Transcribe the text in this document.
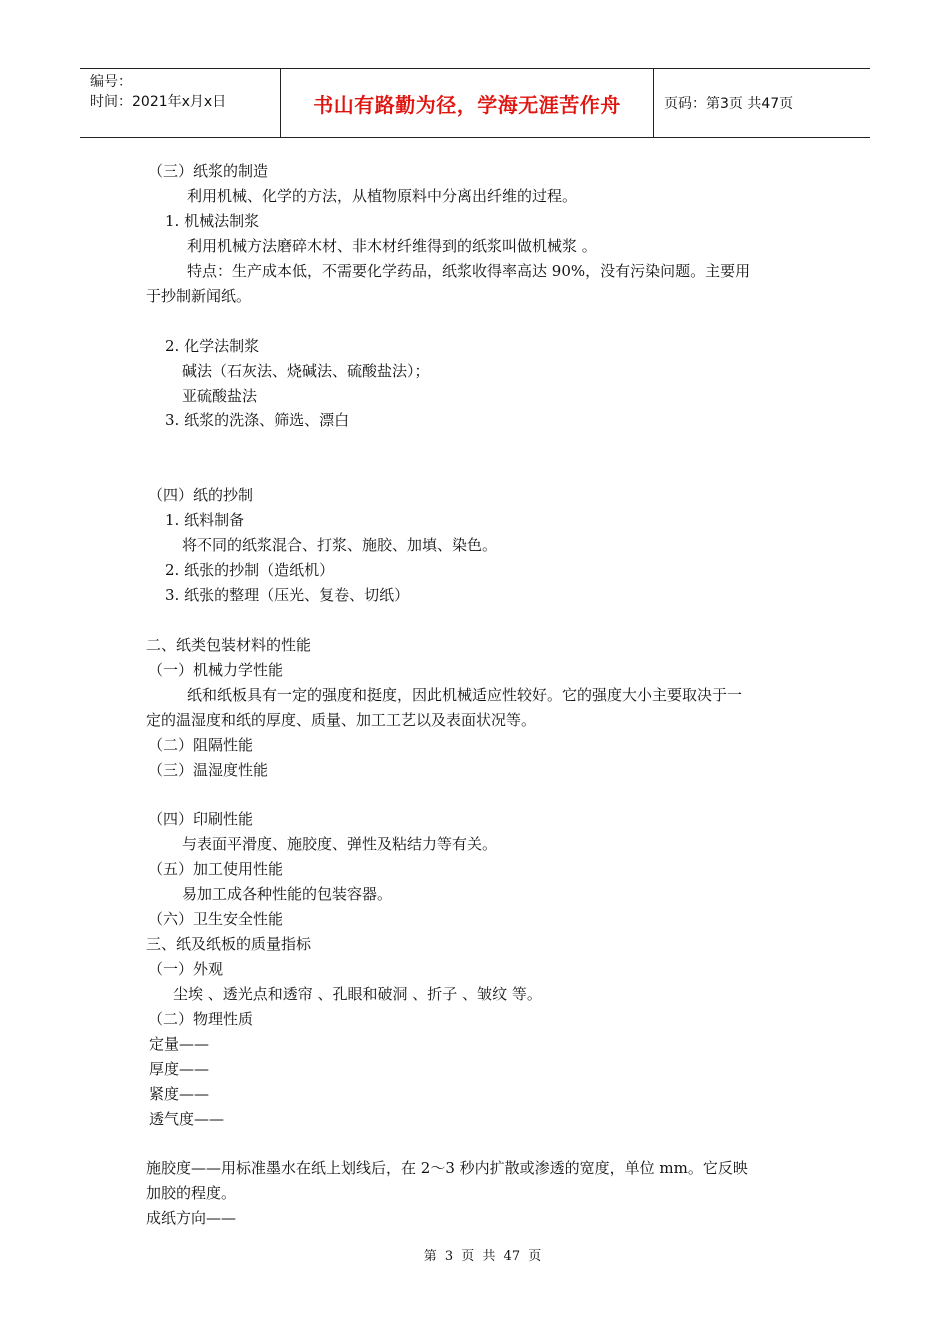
编号：
时间：2021年x月x日	书山有路勤为径，学海无涯苦作舟	页码：第3页 共47页
（三）纸浆的制造
利用机械、化学的方法，从植物原料中分离出纤维的过程。
1. 机械法制浆
利用机械方法磨碎木材、非木材纤维得到的纸浆叫做机械浆 。
特点：生产成本低，不需要化学药品，纸浆收得率高达 90%，没有污染问题。主要用
于抄制新闻纸。
2. 化学法制浆
碱法（石灰法、烧碱法、硫酸盐法）；
亚硫酸盐法
3. 纸浆的洗涤、筛选、漂白
（四）纸的抄制
1. 纸料制备
将不同的纸浆混合、打浆、施胶、加填、染色。
2. 纸张的抄制（造纸机）
3. 纸张的整理（压光、复卷、切纸）
二、纸类包装材料的性能
（一）机械力学性能
纸和纸板具有一定的强度和挺度，因此机械适应性较好。它的强度大小主要取决于一
定的温湿度和纸的厚度、质量、加工工艺以及表面状况等。
（二）阻隔性能
（三）温湿度性能
（四）印刷性能
与表面平滑度、施胶度、弹性及粘结力等有关。
（五）加工使用性能
易加工成各种性能的包装容器。
（六）卫生安全性能
三、纸及纸板的质量指标
（一）外观
尘埃 、透光点和透帘 、孔眼和破洞 、折子 、皱纹 等。
（二）物理性质
定量——
厚度——
紧度——
透气度——
施胶度——用标准墨水在纸上划线后，在 2～3 秒内扩散或渗透的宽度，单位 mm。它反映
加胶的程度。
成纸方向——
第 3 页 共 47 页
